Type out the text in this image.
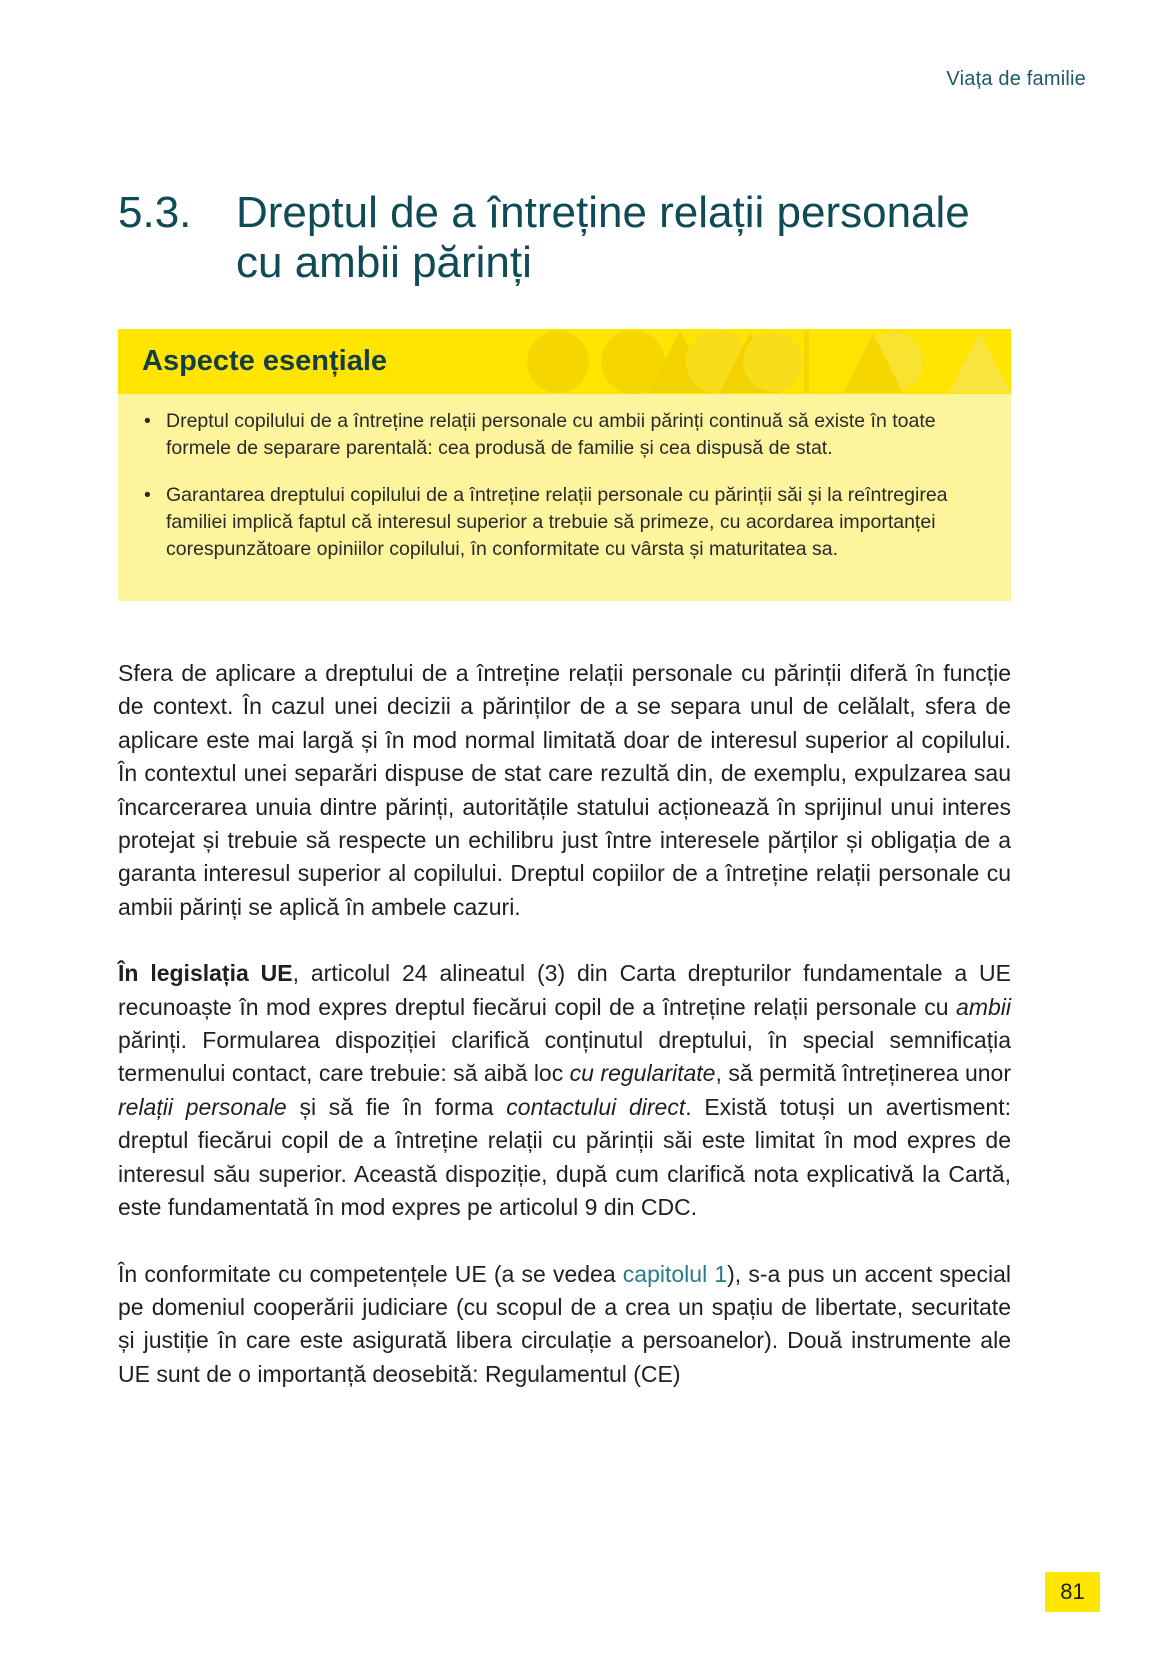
Viața de familie
5.3.	Dreptul de a întreține relații personale cu ambii părinți
Aspecte esențiale
• Dreptul copilului de a întreține relații personale cu ambii părinți continuă să existe în toate formele de separare parentală: cea produsă de familie și cea dispusă de stat.
• Garantarea dreptului copilului de a întreține relații personale cu părinții săi și la reîntregirea familiei implică faptul că interesul superior a trebuie să primeze, cu acordarea importanței corespunzătoare opiniilor copilului, în conformitate cu vârsta și maturitatea sa.

Sfera de aplicare a dreptului de a întreține relații personale cu părinții diferă în funcție de context. În cazul unei decizii a părinților de a se separa unul de celălalt, sfera de aplicare este mai largă și în mod normal limitată doar de interesul superior al copilului. În contextul unei separări dispuse de stat care rezultă din, de exemplu, expulzarea sau încarcerarea unuia dintre părinți, autoritățile statului acționează în sprijinul unui interes protejat și trebuie să respecte un echilibru just între interesele părților și obligația de a garanta interesul superior al copilului. Dreptul copiilor de a întreține relații personale cu ambii părinți se aplică în ambele cazuri.

În legislația UE, articolul 24 alineatul (3) din Carta drepturilor fundamentale a UE recunoaște în mod expres dreptul fiecărui copil de a întreține relații personale cu ambii părinți. Formularea dispoziției clarifică conținutul dreptului, în special semnificația termenului contact, care trebuie: să aibă loc cu regularitate, să permită întreținerea unor relații personale și să fie în forma contactului direct. Există totuși un avertisment: dreptul fiecărui copil de a întreține relații cu părinții săi este limitat în mod expres de interesul său superior. Această dispoziție, după cum clarifică nota explicativă la Cartă, este fundamentată în mod expres pe articolul 9 din CDC.

În conformitate cu competențele UE (a se vedea capitolul 1), s-a pus un accent special pe domeniul cooperării judiciare (cu scopul de a crea un spațiu de libertate, securitate și justiție în care este asigurată libera circulație a persoanelor). Două instrumente ale UE sunt de o importanță deosebită: Regulamentul (CE)

81
